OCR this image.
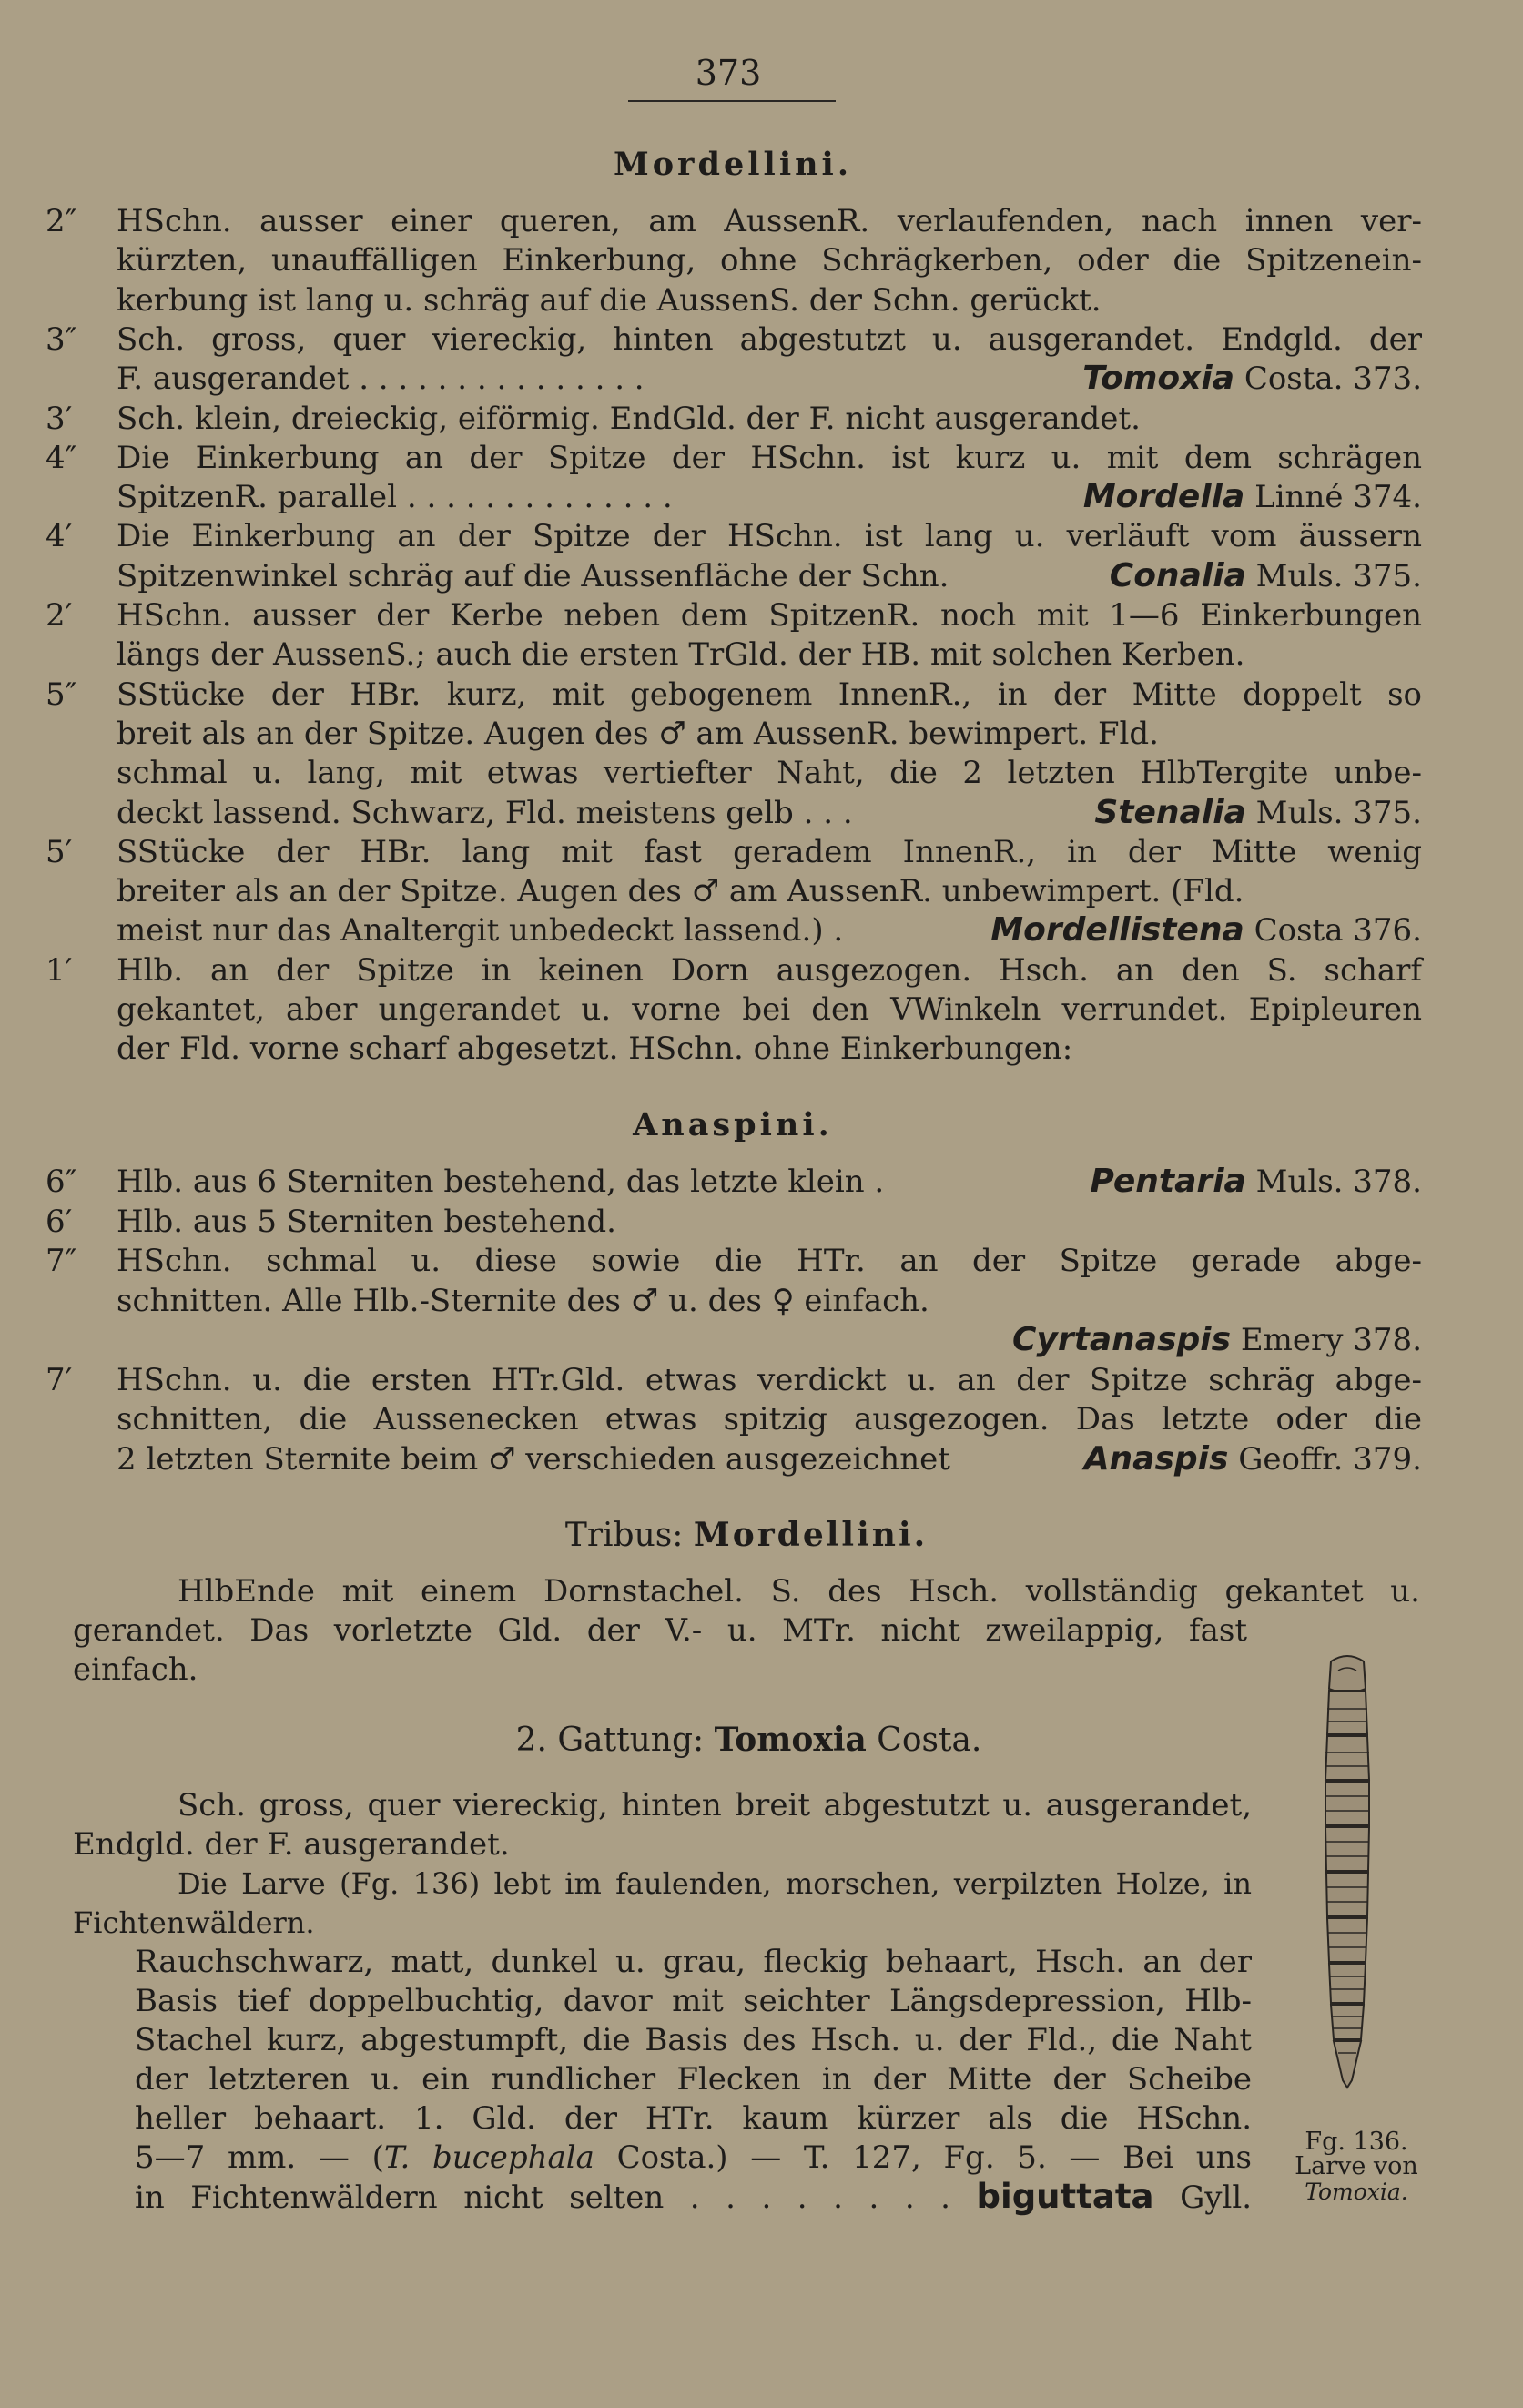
373
Mordellini.
2″	HSchn. ausser einer queren, am AussenR. verlaufenden, nach innen ver-
kürzten, unauffälligen Einkerbung, ohne Schrägkerben, oder die Spitzenein-
kerbung ist lang u. schräg auf die AussenS. der Schn. gerückt.
3″	Sch. gross, quer viereckig, hinten abgestutzt u. ausgerandet. Endgld. der
F. ausgerandet . . . . . . . . . . . . . . .	Tomoxia Costa. 373.
3′	Sch. klein, dreieckig, eiförmig. EndGld. der F. nicht ausgerandet.
4″	Die Einkerbung an der Spitze der HSchn. ist kurz u. mit dem schrägen
SpitzenR. parallel . . . . . . . . . . . . . .	Mordella Linné 374.
4′	Die Einkerbung an der Spitze der HSchn. ist lang u. verläuft vom äussern
Spitzenwinkel schräg auf die Aussenfläche der Schn.	Conalia Muls. 375.
2′	HSchn. ausser der Kerbe neben dem SpitzenR. noch mit 1—6 Einkerbungen
längs der AussenS.; auch die ersten TrGld. der HB. mit solchen Kerben.
5″	SStücke der HBr. kurz, mit gebogenem InnenR., in der Mitte doppelt so
breit als an der Spitze. Augen des ♂ am AussenR. bewimpert. Fld.
schmal u. lang, mit etwas vertiefter Naht, die 2 letzten HlbTergite unbe-
deckt lassend. Schwarz, Fld. meistens gelb . . .	Stenalia Muls. 375.
5′	SStücke der HBr. lang mit fast geradem InnenR., in der Mitte wenig
breiter als an der Spitze. Augen des ♂ am AussenR. unbewimpert. (Fld.
meist nur das Analtergit unbedeckt lassend.) .	Mordellistena Costa 376.
1′	Hlb. an der Spitze in keinen Dorn ausgezogen. Hsch. an den S. scharf
gekantet, aber ungerandet u. vorne bei den VWinkeln verrundet. Epipleuren
der Fld. vorne scharf abgesetzt. HSchn. ohne Einkerbungen:
Anaspini.
6″	Hlb. aus 6 Sterniten bestehend, das letzte klein .	Pentaria Muls. 378.
6′	Hlb. aus 5 Sterniten bestehend.
7″	HSchn. schmal u. diese sowie die HTr. an der Spitze gerade abge-
schnitten. Alle Hlb.-Sternite des ♂ u. des ♀ einfach.
Cyrtanaspis Emery 378.
7′	HSchn. u. die ersten HTr.Gld. etwas verdickt u. an der Spitze schräg abge-
schnitten, die Aussenecken etwas spitzig ausgezogen. Das letzte oder die
2 letzten Sternite beim ♂ verschieden ausgezeichnet	Anaspis Geoffr. 379.
Tribus: Mordellini.
HlbEnde mit einem Dornstachel. S. des Hsch. vollständig gekantet u.
gerandet. Das vorletzte Gld. der V.- u. MTr. nicht zweilappig, fast
einfach.
2. Gattung: Tomoxia Costa.
Sch. gross, quer viereckig, hinten breit abgestutzt u. ausgerandet,
Endgld. der F. ausgerandet.
Die Larve (Fg. 136) lebt im faulenden, morschen, verpilzten Holze, in
Fichtenwäldern.
Rauchschwarz, matt, dunkel u. grau, fleckig behaart, Hsch. an der
Basis tief doppelbuchtig, davor mit seichter Längsdepression, Hlb-
Stachel kurz, abgestumpft, die Basis des Hsch. u. der Fld., die Naht
der letzteren u. ein rundlicher Flecken in der Mitte der Scheibe
heller behaart. 1. Gld. der HTr. kaum kürzer als die HSchn.
5—7 mm. — (T. bucephala Costa.) — T. 127, Fg. 5. — Bei uns
in Fichtenwäldern nicht selten . . . . . . . . biguttata Gyll.
Fg. 136.
Larve von
Tomoxia.
